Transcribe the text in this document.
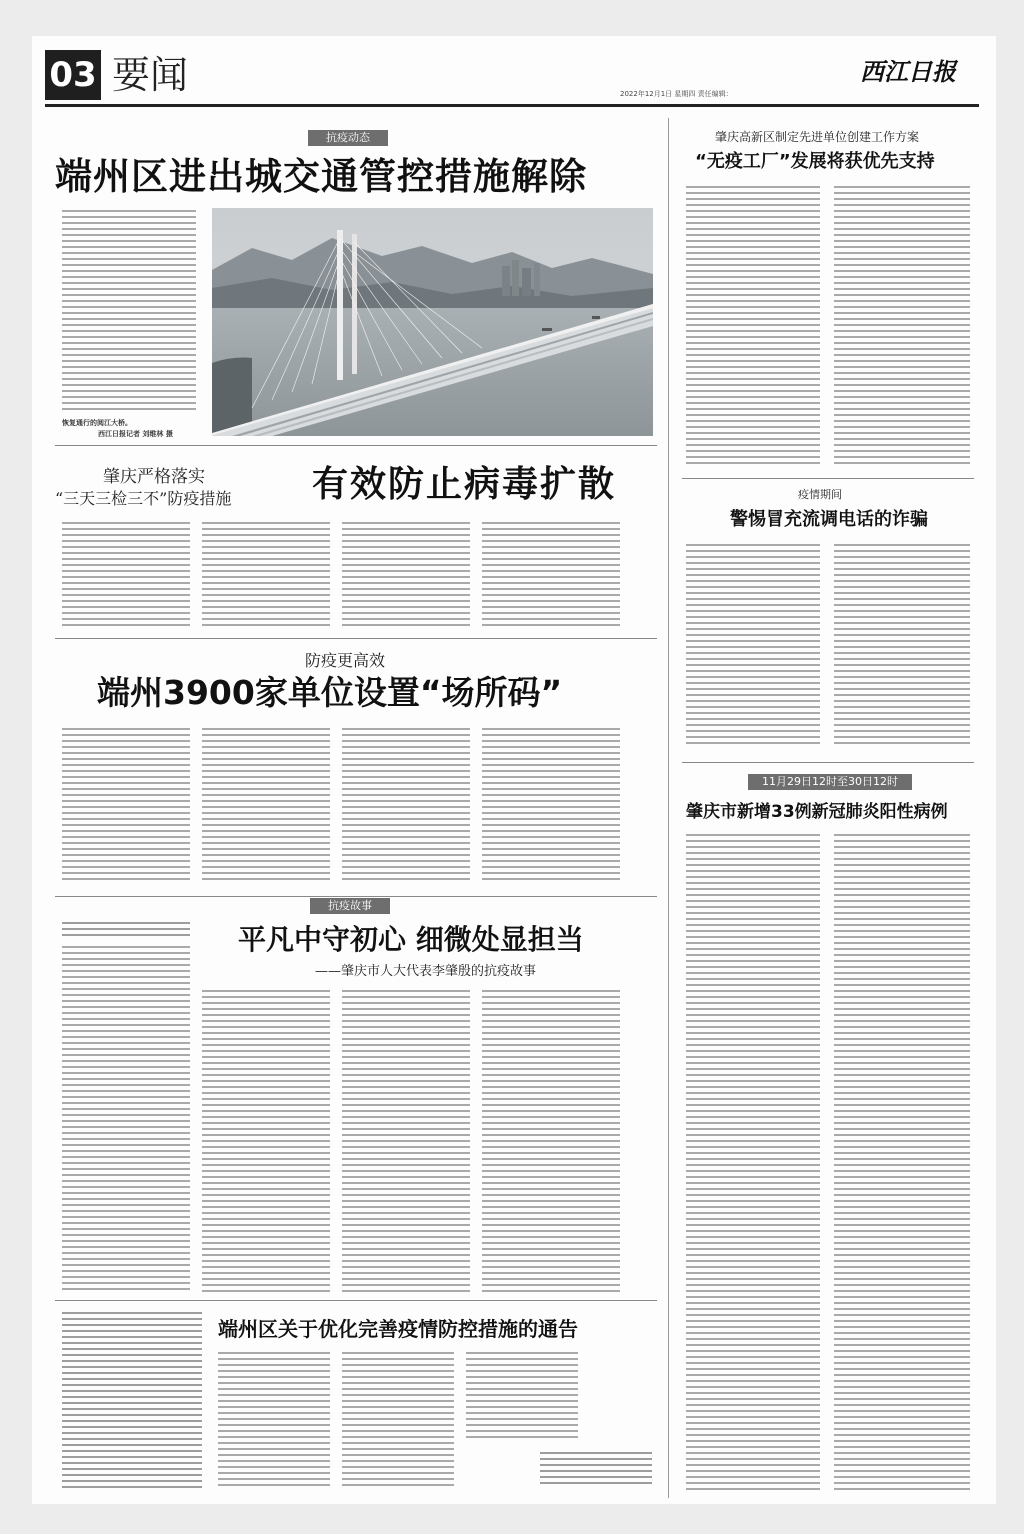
03 要闻	西江日报
2022年12月1日 星期四 责任编辑：
抗疫动态
端州区进出城交通管控措施解除
恢复通行的阅江大桥。
西江日报记者 刘维林 摄
肇庆严格落实
“三天三检三不”防疫措施 有效防止病毒扩散
防疫更高效
端州3900家单位设置“场所码”
抗疫故事
平凡中守初心 细微处显担当
——肇庆市人大代表李肇殷的抗疫故事
端州区关于优化完善疫情防控措施的通告
肇庆高新区制定先进单位创建工作方案
“无疫工厂”发展将获优先支持
疫情期间
警惕冒充流调电话的诈骗
11月29日12时至30日12时
肇庆市新增33例新冠肺炎阳性病例
